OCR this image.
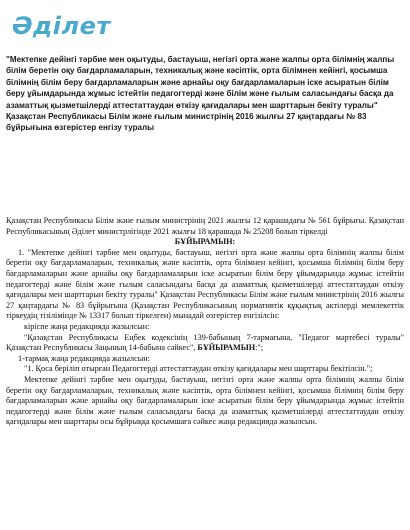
Әділет

"Мектепке дейінгі тәрбие мен оқытуды, бастауыш, негізгі орта және жалпы орта білімнің жалпы білім беретін оқу бағдарламаларын, техникалық және кәсіптік, орта білімнен кейінгі, қосымша білімнің білім беру бағдарламаларын және арнайы оқу бағдарламаларын іске асыратын білім беру ұйымдарында жұмыс істейтін педагогтерді және білім және ғылым саласындағы басқа да азаматтық қызметшілерді аттестаттаудан өткізу қағидалары мен шарттарын бекіту туралы" Қазақстан Республикасы Білім және ғылым министрінің 2016 жылғы 27 қаңтардағы № 83 бұйрығына өзгерістер енгізу туралы

Қазақстан Республикасы Білім және ғылым министрінің 2021 жылғы 12 қарашадағы № 561 бұйрығы. Қазақстан Республикасының Әділет министрлігінде 2021 жылғы 18 қарашада № 25208 болып тіркелді

БҰЙЫРАМЫН:

1. "Мектепке дейінгі тәрбие мен оқытуды, бастауыш, негізгі орта және жалпы орта білімнің жалпы білім беретін оқу бағдарламаларын, техникалық және кәсіптік, орта білімнен кейінгі, қосымша білімнің білім беру бағдарламаларын және арнайы оқу бағдарламаларын іске асыратын білім беру ұйымдарында жұмыс істейтін педагогтерді және білім және ғылым саласындағы басқа да азаматтық қызметшілерді аттестаттаудан өткізу қағидалары мен шарттарын бекіту туралы" Қазақстан Республикасы Білім және ғылым министрінің 2016 жылғы 27 қаңтардағы № 83 бұйрығына (Қазақстан Республикасының нормативтік құқықтық актілерді мемлекеттік тіркеудің тізілімінде № 13317 болып тіркелген) мынадай өзгерістер енгізілсін:

кіріспе жаңа редакцияда жазылсын:

"Қазақстан Республикасы Еңбек кодексінің 139-бабының 7-тармағына, "Педагог мәртебесі туралы" Қазақстан Республикасы Заңының 14-бабына сәйкес", БҰЙЫРАМЫН:";

1-тармақ жаңа редакцияда жазылсын:

"1. Қоса беріліп отырған Педагогтерді аттестаттаудан өткізу қағидалары мен шарттары бекітілсін.";

Мектепке дейінгі тәрбие мен оқытуды, бастауыш, негізгі орта және жалпы орта білімнің жалпы білім беретін оқу бағдарламаларын, техникалық және кәсіптік, орта білімнен кейінгі, қосымша білімнің білім беру бағдарламаларын және арнайы оқу бағдарламаларын іске асыратын білім беру ұйымдарында жұмыс істейтін педагогтерді және білім және ғылым саласындағы басқа да азаматтық қызметшілерді аттестаттаудан өткізу қағидалары мен шарттары осы бұйрыққа қосымшаға сәйкес жаңа редакцияда жазылсын.
